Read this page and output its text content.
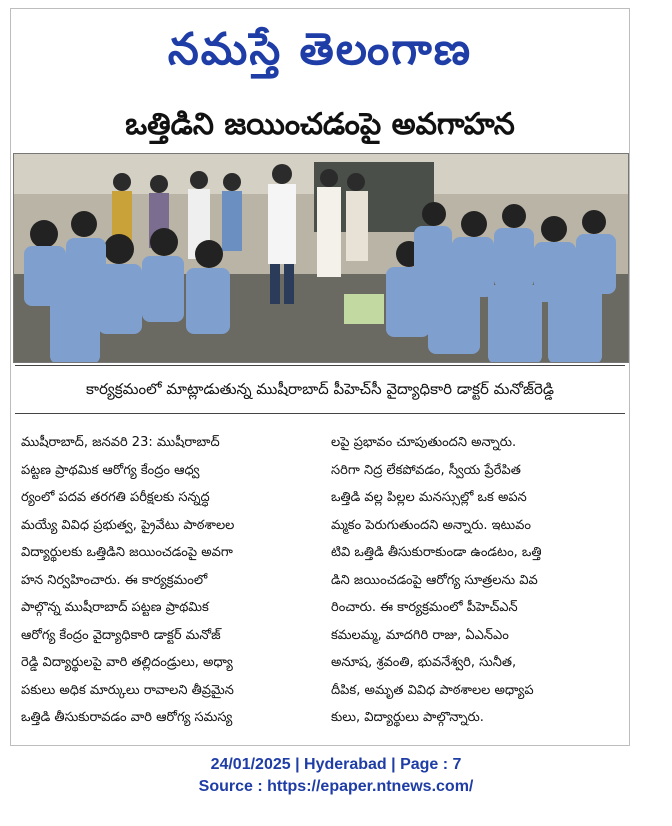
నమస్తే తెలంగాణ
ఒత్తిడిని జయించడంపై అవగాహన
కార్యక్రమంలో మాట్లాడుతున్న ముషీరాబాద్ పీహెచ్‌సీ వైద్యాధికారి డాక్టర్ మనోజ్‌రెడ్డి
ముషీరాబాద్, జనవరి 23: ముషీరాబాద్
పట్టణ ప్రాథమిక ఆరోగ్య కేంద్రం ఆధ్వ
ర్యంలో పదవ తరగతి పరీక్షలకు సన్నద్ధ
మయ్యే వివిధ ప్రభుత్వ, ప్రైవేటు పాఠశాలల
విద్యార్థులకు ఒత్తిడిని జయించడంపై అవగా
హన నిర్వహించారు. ఈ కార్యక్రమంలో
పాల్గొన్న ముషీరాబాద్ పట్టణ ప్రాథమిక
ఆరోగ్య కేంద్రం వైద్యాధికారి డాక్టర్ మనోజ్
రెడ్డి విద్యార్థులపై వారి తల్లిదండ్రులు, అధ్యా
పకులు అధిక మార్కులు రావాలని తీవ్రమైన
ఒత్తిడి తీసుకురావడం వారి ఆరోగ్య సమస్య
లపై ప్రభావం చూపుతుందని అన్నారు.
సరిగా నిద్ర లేకపోవడం, స్వీయ ప్రేరేపిత
ఒత్తిడి వల్ల పిల్లల మనస్సుల్లో ఒక అపన
మ్మకం పెరుగుతుందని అన్నారు. ఇటువం
టివి ఒత్తిడి తీసుకురాకుండా ఉండటం, ఒత్తి
డిని జయించడంపై ఆరోగ్య సూత్రలను వివ
రించారు. ఈ కార్యక్రమంలో పీహెచ్‌ఎన్
కమలమ్మ, మాదగిరి రాజు, ఏఎన్ఎం
అనూష, శ్రవంతి, భువనేశ్వరి, సునీత,
దీపిక, అమృత వివిధ పాఠశాలల అధ్యాప
కులు, విద్యార్థులు పాల్గొన్నారు.
24/01/2025 | Hyderabad | Page : 7
Source : https://epaper.ntnews.com/
